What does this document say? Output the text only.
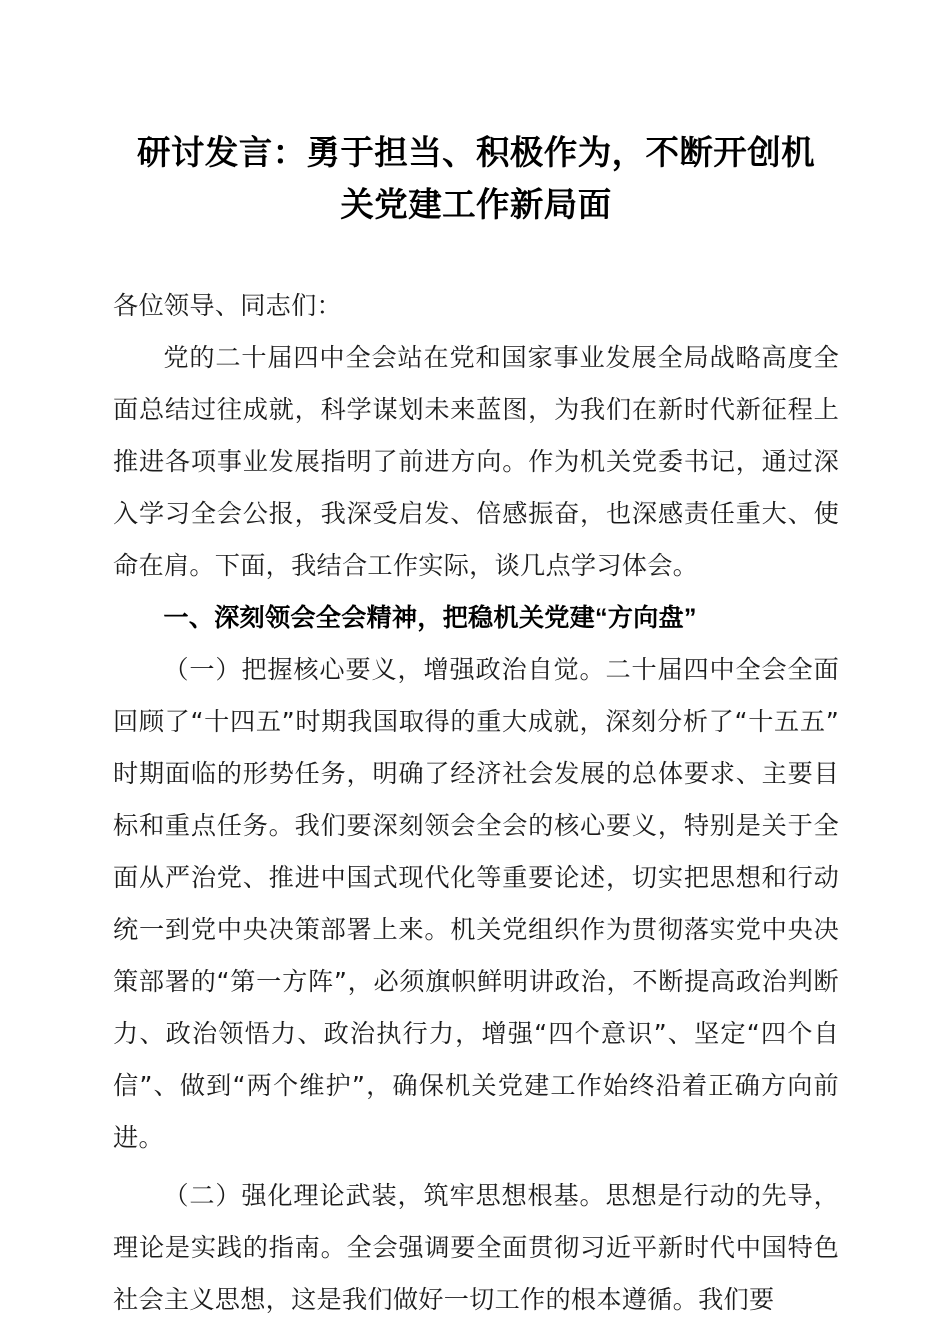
研讨发言：勇于担当、积极作为，不断开创机
关党建工作新局面

各位领导、同志们：

党的二十届四中全会站在党和国家事业发展全局战略高度全面总结过往成就，科学谋划未来蓝图，为我们在新时代新征程上推进各项事业发展指明了前进方向。作为机关党委书记，通过深入学习全会公报，我深受启发、倍感振奋，也深感责任重大、使命在肩。下面，我结合工作实际，谈几点学习体会。

一、深刻领会全会精神，把稳机关党建“方向盘”

（一）把握核心要义，增强政治自觉。二十届四中全会全面回顾了“十四五”时期我国取得的重大成就，深刻分析了“十五五”时期面临的形势任务，明确了经济社会发展的总体要求、主要目标和重点任务。我们要深刻领会全会的核心要义，特别是关于全面从严治党、推进中国式现代化等重要论述，切实把思想和行动统一到党中央决策部署上来。机关党组织作为贯彻落实党中央决策部署的“第一方阵”，必须旗帜鲜明讲政治，不断提高政治判断力、政治领悟力、政治执行力，增强“四个意识”、坚定“四个自信”、做到“两个维护”，确保机关党建工作始终沿着正确方向前进。

（二）强化理论武装，筑牢思想根基。思想是行动的先导，理论是实践的指南。全会强调要全面贯彻习近平新时代中国特色社会主义思想，这是我们做好一切工作的根本遵循。我们要
